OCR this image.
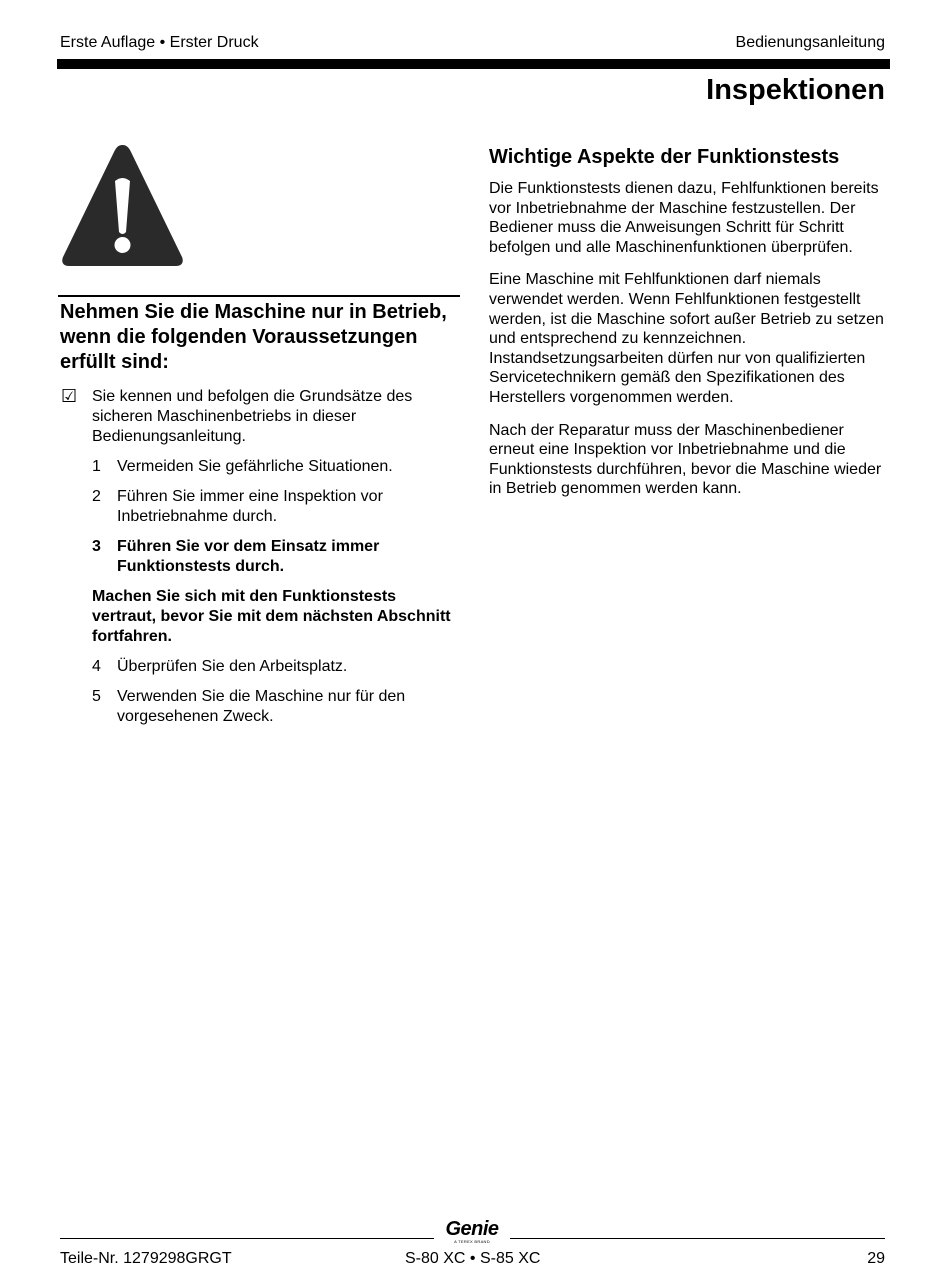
Erste Auflage • Erster Druck	Bedienungsanleitung
Inspektionen
Nehmen Sie die Maschine nur in Betrieb, wenn die folgenden Voraussetzungen erfüllt sind:
☑ Sie kennen und befolgen die Grundsätze des sicheren Maschinenbetriebs in dieser Bedienungsanleitung.
1 Vermeiden Sie gefährliche Situationen.
2 Führen Sie immer eine Inspektion vor Inbetriebnahme durch.
3 Führen Sie vor dem Einsatz immer Funktionstests durch.
Machen Sie sich mit den Funktionstests vertraut, bevor Sie mit dem nächsten Abschnitt fortfahren.
4 Überprüfen Sie den Arbeitsplatz.
5 Verwenden Sie die Maschine nur für den vorgesehenen Zweck.
Wichtige Aspekte der Funktionstests

Die Funktionstests dienen dazu, Fehlfunktionen bereits vor Inbetriebnahme der Maschine festzustellen. Der Bediener muss die Anweisungen Schritt für Schritt befolgen und alle Maschinenfunktionen überprüfen.

Eine Maschine mit Fehlfunktionen darf niemals verwendet werden. Wenn Fehlfunktionen festgestellt werden, ist die Maschine sofort außer Betrieb zu setzen und entsprechend zu kennzeichnen. Instandsetzungsarbeiten dürfen nur von qualifizierten Servicetechnikern gemäß den Spezifikationen des Herstellers vorgenommen werden.

Nach der Reparatur muss der Maschinenbediener erneut eine Inspektion vor Inbetriebnahme und die Funktionstests durchführen, bevor die Maschine wieder in Betrieb genommen werden kann.

Genie
A TEREX BRAND
Teile-Nr. 1279298GRGT	S-80 XC • S-85 XC	29
